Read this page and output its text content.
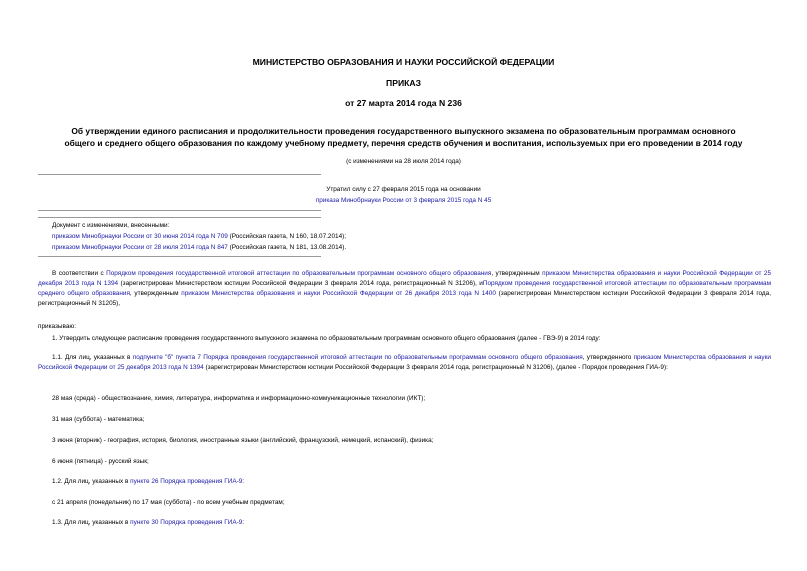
МИНИСТЕРСТВО ОБРАЗОВАНИЯ И НАУКИ РОССИЙСКОЙ ФЕДЕРАЦИИ
ПРИКАЗ
от 27 марта 2014 года N 236
Об утверждении единого расписания и продолжительности проведения государственного выпускного экзамена по образовательным программам основного
общего и среднего общего образования по каждому учебному предмету, перечня средств обучения и воспитания, используемых при его проведении в 2014 году
(с изменениями на 28 июля 2014 года)
Утратил силу с 27 февраля 2015 года на основании
приказа Минобрнауки России от 3 февраля 2015 года N 45
Документ с изменениями, внесенными:
приказом Минобрнауки России от 30 июня 2014 года N 709 (Российская газета, N 160, 18.07.2014);
приказом Минобрнауки России от 28 июля 2014 года N 847 (Российская газета, N 181, 13.08.2014).
В соответствии с Порядком проведения государственной итоговой аттестации по образовательным программам основного общего образования, утвержденным приказом Министерства образования и науки Российской Федерации от 25 декабря 2013 года N 1394 (зарегистрирован Министерством юстиции Российской Федерации 3 февраля 2014 года, регистрационный N 31206), иПорядком проведения государственной итоговой аттестации по образовательным программам среднего общего образования, утвержденным приказом Министерства образования и науки Российской Федерации от 26 декабря 2013 года N 1400 (зарегистрирован Министерством юстиции Российской Федерации 3 февраля 2014 года, регистрационный N 31205),
приказываю:
1. Утвердить следующее расписание проведения государственного выпускного экзамена по образовательным программам основного общего образования (далее - ГВЭ-9) в 2014 году:
1.1. Для лиц, указанных в подпункте "б" пункта 7 Порядка проведения государственной итоговой аттестации по образовательным программам основного общего образования, утвержденного приказом Министерства образования и науки Российской Федерации от 25 декабря 2013 года N 1394 (зарегистрирован Министерством юстиции Российской Федерации 3 февраля 2014 года, регистрационный N 31206), (далее - Порядок проведения ГИА-9):
28 мая (среда) - обществознание, химия, литература, информатика и информационно-коммуникационные технологии (ИКТ);
31 мая (суббота) - математика;
3 июня (вторник) - география, история, биология, иностранные языки (английский, французский, немецкий, испанский), физика;
6 июня (пятница) - русский язык;
1.2. Для лиц, указанных в пункте 26 Порядка проведения ГИА-9:
с 21 апреля (понедельник) по 17 мая (суббота) - по всем учебным предметам;
1.3. Для лиц, указанных в пункте 30 Порядка проведения ГИА-9:
